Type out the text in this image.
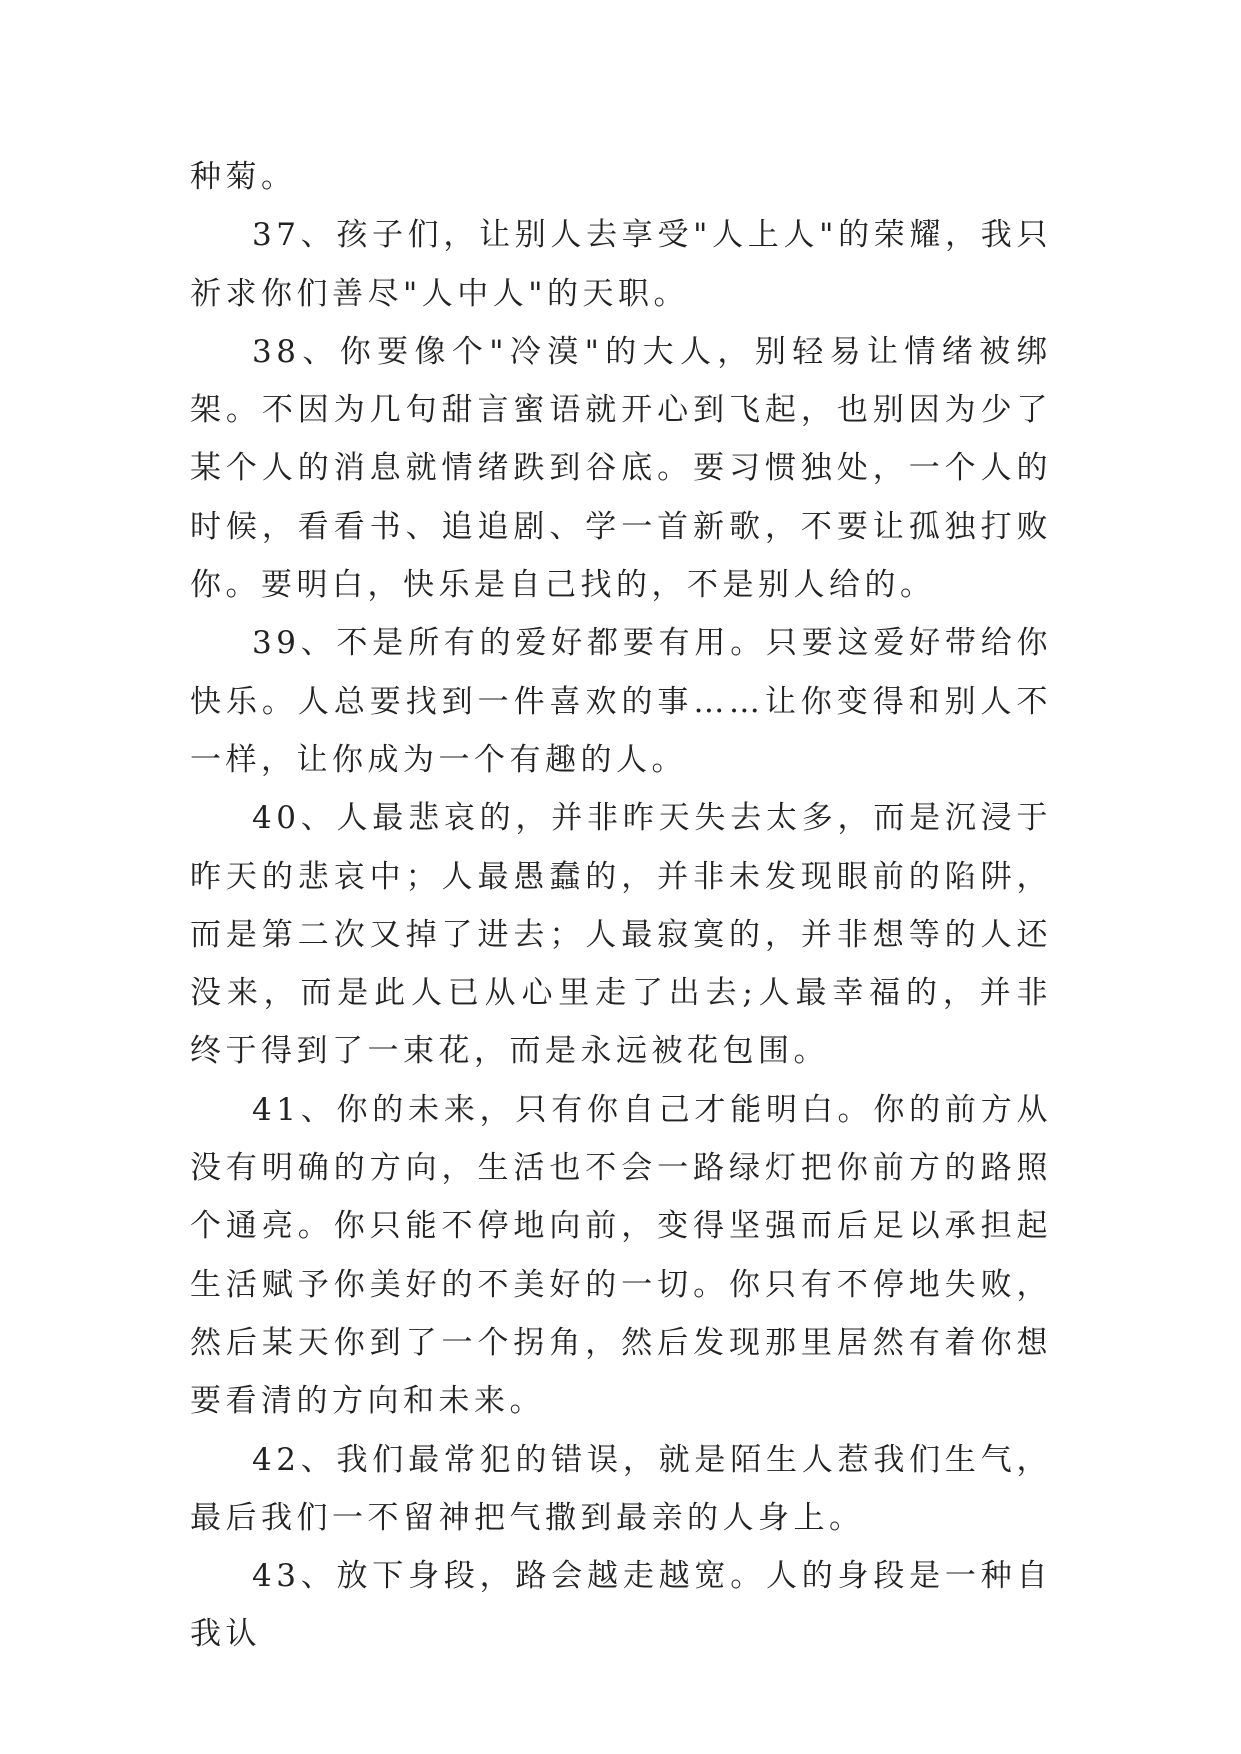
种菊。

37、孩子们，让别人去享受"人上人"的荣耀，我只祈求你们善尽"人中人"的天职。

38、你要像个"冷漠"的大人，别轻易让情绪被绑架。不因为几句甜言蜜语就开心到飞起，也别因为少了某个人的消息就情绪跌到谷底。要习惯独处，一个人的时候，看看书、追追剧、学一首新歌，不要让孤独打败你。要明白，快乐是自己找的，不是别人给的。

39、不是所有的爱好都要有用。只要这爱好带给你快乐。人总要找到一件喜欢的事……让你变得和别人不一样，让你成为一个有趣的人。

40、人最悲哀的，并非昨天失去太多，而是沉浸于昨天的悲哀中；人最愚蠢的，并非未发现眼前的陷阱，而是第二次又掉了进去；人最寂寞的，并非想等的人还没来，而是此人已从心里走了出去;人最幸福的，并非终于得到了一束花，而是永远被花包围。

41、你的未来，只有你自己才能明白。你的前方从没有明确的方向，生活也不会一路绿灯把你前方的路照个通亮。你只能不停地向前，变得坚强而后足以承担起生活赋予你美好的不美好的一切。你只有不停地失败，然后某天你到了一个拐角，然后发现那里居然有着你想要看清的方向和未来。

42、我们最常犯的错误，就是陌生人惹我们生气，最后我们一不留神把气撒到最亲的人身上。

43、放下身段，路会越走越宽。人的身段是一种自我认
